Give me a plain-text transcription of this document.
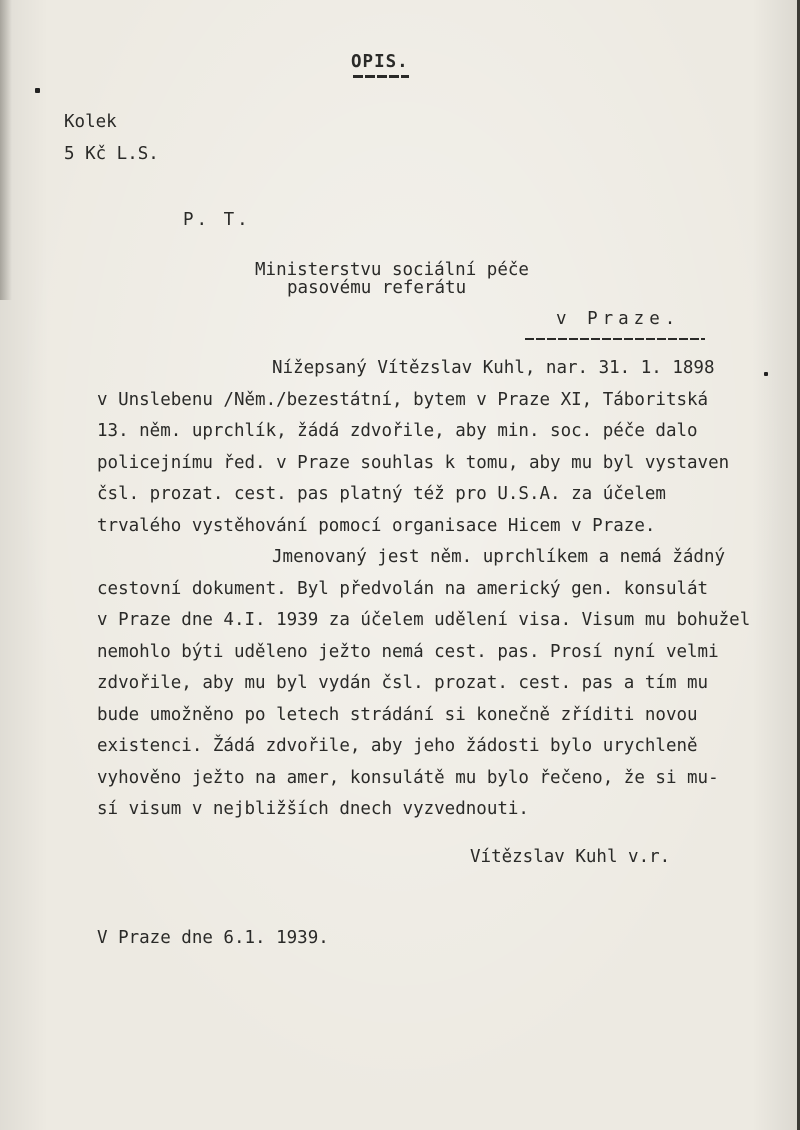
OPIS.
Kolek
5 Kč L.S.
P. T.
Ministerstvu sociální péče
pasovému referátu
v Praze.
Nížepsaný Vítězslav Kuhl, nar. 31. 1. 1898
v Unslebenu /Něm./bezestátní, bytem v Praze XI, Táboritská
13. něm. uprchlík, žádá zdvořile, aby min. soc. péče dalo
policejnímu řed. v Praze souhlas k tomu, aby mu byl vystaven
čsl. prozat. cest. pas platný též pro U.S.A. za účelem
trvalého vystěhování pomocí organisace Hicem v Praze.
Jmenovaný jest něm. uprchlíkem a nemá žádný
cestovní dokument. Byl předvolán na americký gen. konsulát
v Praze dne 4.I. 1939 za účelem udělení visa. Visum mu bohužel
nemohlo býti uděleno ježto nemá cest. pas. Prosí nyní velmi
zdvořile, aby mu byl vydán čsl. prozat. cest. pas a tím mu
bude umožněno po letech strádání si konečně zříditi novou
existenci. Žádá zdvořile, aby jeho žádosti bylo urychleně
vyhověno ježto na amer, konsulátě mu bylo řečeno, že si mu-
sí visum v nejbližších dnech vyzvednouti.
Vítězslav Kuhl v.r.
V Praze dne 6.1. 1939.
